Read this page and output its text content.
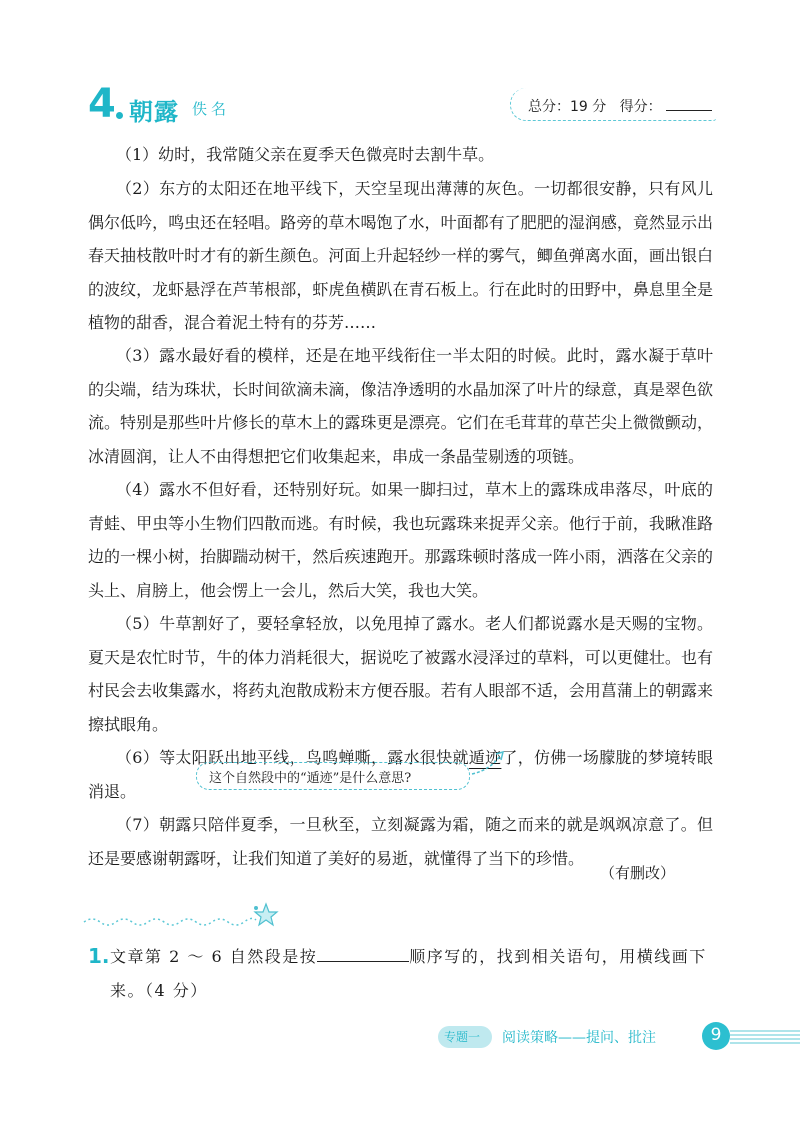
4 朝露 佚名	总分：19 分 得分：

（1）幼时，我常随父亲在夏季天色微亮时去割牛草。

（2）东方的太阳还在地平线下，天空呈现出薄薄的灰色。一切都很安静，只有风儿偶尔低吟，鸣虫还在轻唱。路旁的草木喝饱了水，叶面都有了肥肥的湿润感，竟然显示出春天抽枝散叶时才有的新生颜色。河面上升起轻纱一样的雾气，鲫鱼弹离水面，画出银白的波纹，龙虾悬浮在芦苇根部，虾虎鱼横趴在青石板上。行在此时的田野中，鼻息里全是植物的甜香，混合着泥土特有的芬芳……

（3）露水最好看的模样，还是在地平线衔住一半太阳的时候。此时，露水凝于草叶的尖端，结为珠状，长时间欲滴未滴，像洁净透明的水晶加深了叶片的绿意，真是翠色欲流。特别是那些叶片修长的草木上的露珠更是漂亮。它们在毛茸茸的草芒尖上微微颤动，冰清圆润，让人不由得想把它们收集起来，串成一条晶莹剔透的项链。

（4）露水不但好看，还特别好玩。如果一脚扫过，草木上的露珠成串落尽，叶底的青蛙、甲虫等小生物们四散而逃。有时候，我也玩露珠来捉弄父亲。他行于前，我瞅准路边的一棵小树，抬脚踹动树干，然后疾速跑开。那露珠顿时落成一阵小雨，洒落在父亲的头上、肩膀上，他会愣上一会儿，然后大笑，我也大笑。

（5）牛草割好了，要轻拿轻放，以免甩掉了露水。老人们都说露水是天赐的宝物。夏天是农忙时节，牛的体力消耗很大，据说吃了被露水浸泽过的草料，可以更健壮。也有村民会去收集露水，将药丸泡散成粉末方便吞服。若有人眼部不适，会用菖蒲上的朝露来擦拭眼角。

（6）等太阳跃出地平线，鸟鸣蝉嘶，露水很快就遁迹了，仿佛一场朦胧的梦境转眼消退。

这个自然段中的“遁迹”是什么意思?

（7）朝露只陪伴夏季，一旦秋至，立刻凝露为霜，随之而来的就是飒飒凉意了。但还是要感谢朝露呀，让我们知道了美好的易逝，就懂得了当下的珍惜。

（有删改）
1. 文章第 2 ～ 6 自然段是按	顺序写的，找到相关语句，用横线画下来。（4 分）

专题一 阅读策略——提问、批注	9
